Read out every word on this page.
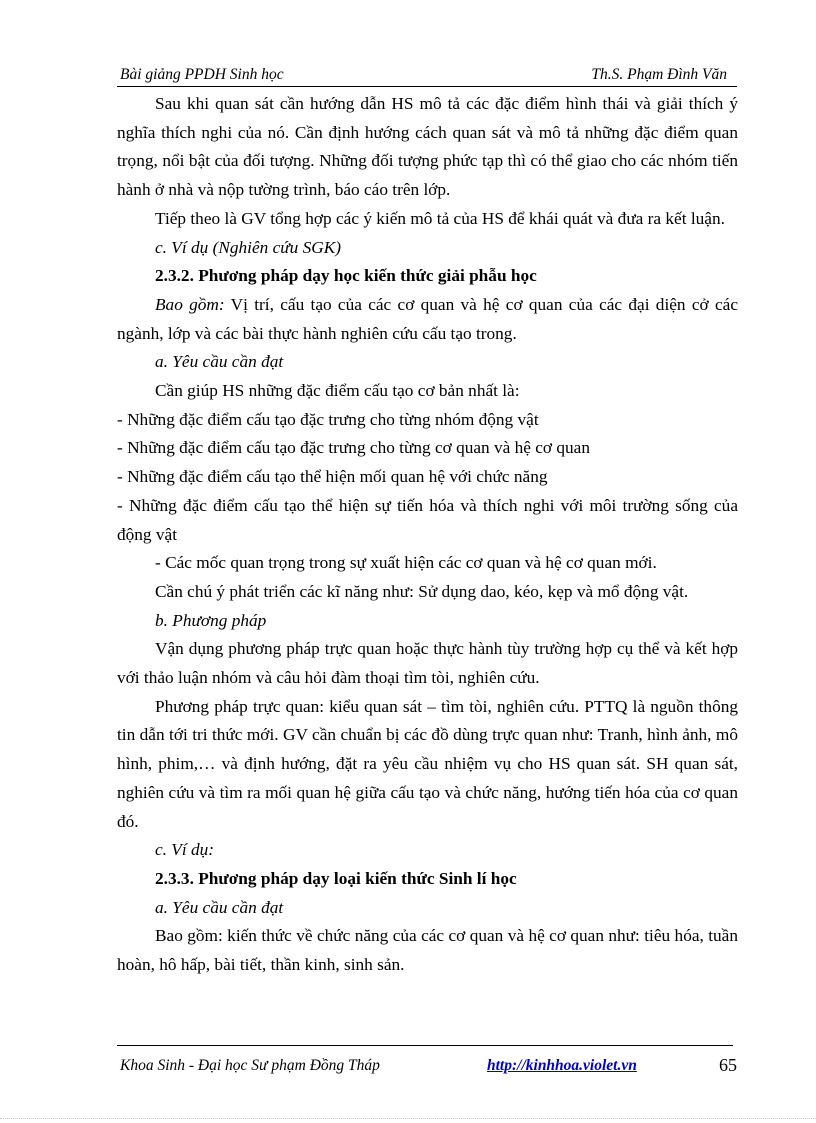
Bài giảng PPDH Sinh học	Th.S. Phạm Đình Văn

Sau khi quan sát cần hướng dẫn HS mô tả các đặc điểm hình thái và giải thích ý nghĩa thích nghi của nó. Cần định hướng cách quan sát và mô tả những đặc điểm quan trọng, nổi bật của đối tượng. Những đối tượng phức tạp thì có thể giao cho các nhóm tiến hành ở nhà và nộp tường trình, báo cáo trên lớp.

Tiếp theo là GV tổng hợp các ý kiến mô tả của HS để khái quát và đưa ra kết luận.

c. Ví dụ (Nghiên cứu SGK)

2.3.2. Phương pháp dạy học kiến thức giải phẫu học

Bao gồm: Vị trí, cấu tạo của các cơ quan và hệ cơ quan của các đại diện cở các ngành, lớp và các bài thực hành nghiên cứu cấu tạo trong.

a. Yêu cầu cần đạt

Cần giúp HS những đặc điểm cấu tạo cơ bản nhất là:

- Những đặc điểm cấu tạo đặc trưng cho từng nhóm động vật

- Những đặc điểm cấu tạo đặc trưng cho từng cơ quan và hệ cơ quan

- Những đặc điểm cấu tạo thể hiện mối quan hệ với chức năng

- Những đặc điểm cấu tạo thể hiện sự tiến hóa và thích nghi với môi trường sống của động vật

- Các mốc quan trọng trong sự xuất hiện các cơ quan và hệ cơ quan mới.

Cần chú ý phát triển các kĩ năng như: Sử dụng dao, kéo, kẹp và mổ động vật.

b. Phương pháp

Vận dụng phương pháp trực quan hoặc thực hành tùy trường hợp cụ thể và kết hợp với thảo luận nhóm và câu hỏi đàm thoại tìm tòi, nghiên cứu.

Phương pháp trực quan: kiểu quan sát – tìm tòi, nghiên cứu. PTTQ là nguồn thông tin dẫn tới tri thức mới. GV cần chuẩn bị các đồ dùng trực quan như: Tranh, hình ảnh, mô hình, phim,… và định hướng, đặt ra yêu cầu nhiệm vụ cho HS quan sát. SH quan sát, nghiên cứu và tìm ra mối quan hệ giữa cấu tạo và chức năng, hướng tiến hóa của cơ quan đó.

c. Ví dụ:

2.3.3. Phương pháp dạy loại kiến thức Sinh lí học

a. Yêu cầu cần đạt

Bao gồm: kiến thức về chức năng của các cơ quan và hệ cơ quan như: tiêu hóa, tuần hoàn, hô hấp, bài tiết, thần kinh, sinh sản.

Khoa Sinh - Đại học Sư phạm Đồng Tháp	http://kinhhoa.violet.vn	65
